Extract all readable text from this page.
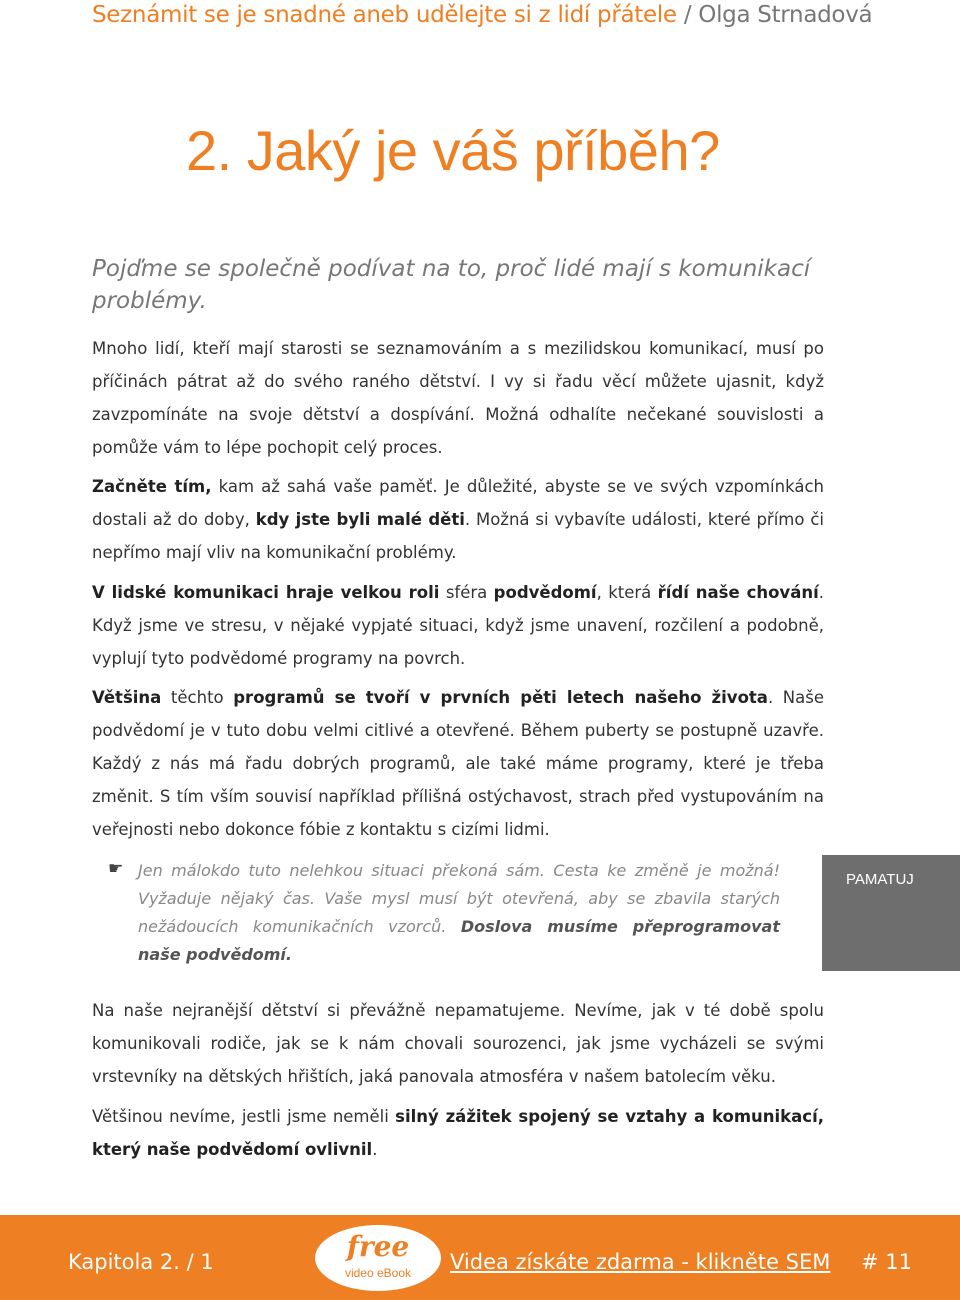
Seznámit se je snadné aneb udělejte si z lidí přátele / Olga Strnadová
2. Jaký je váš příběh?
Pojďme se společně podívat na to, proč lidé mají s komunikací problémy.

Mnoho lidí, kteří mají starosti se seznamováním a s mezilidskou komunikací, musí po příčinách pátrat až do svého raného dětství. I vy si řadu věcí můžete ujasnit, když zavzpomínáte na svoje dětství a dospívání. Možná odhalíte nečekané souvislosti a pomůže vám to lépe pochopit celý proces.

Začněte tím, kam až sahá vaše paměť. Je důležité, abyste se ve svých vzpomínkách dostali až do doby, kdy jste byli malé děti. Možná si vybavíte události, které přímo či nepřímo mají vliv na komunikační problémy.

V lidské komunikaci hraje velkou roli sféra podvědomí, která řídí naše chování. Když jsme ve stresu, v nějaké vypjaté situaci, když jsme unavení, rozčilení a podobně, vyplují tyto podvědomé programy na povrch.

Většina těchto programů se tvoří v prvních pěti letech našeho života. Naše podvědomí je v tuto dobu velmi citlivé a otevřené. Během puberty se postupně uzavře. Každý z nás má řadu dobrých programů, ale také máme programy, které je třeba změnit. S tím vším souvisí například přílišná ostýchavost, strach před vystupováním na veřejnosti nebo dokonce fóbie z kontaktu s cizími lidmi.

☛ Jen málokdo tuto nelehkou situaci překoná sám. Cesta ke změně je možná! Vyžaduje nějaký čas. Vaše mysl musí být otevřená, aby se zbavila starých nežádoucích komunikačních vzorců. Doslova musíme přeprogramovat naše podvědomí.

PAMATUJ

Na naše nejranější dětství si převážně nepamatujeme. Nevíme, jak v té době spolu komunikovali rodiče, jak se k nám chovali sourozenci, jak jsme vycházeli se svými vrstevníky na dětských hřištích, jaká panovala atmosféra v našem batolecím věku.

Většinou nevíme, jestli jsme neměli silný zážitek spojený se vztahy a komunikací, který naše podvědomí ovlivnil.

Kapitola 2. / 1	free
video eBook	Videa získáte zdarma - klikněte SEM # 11
